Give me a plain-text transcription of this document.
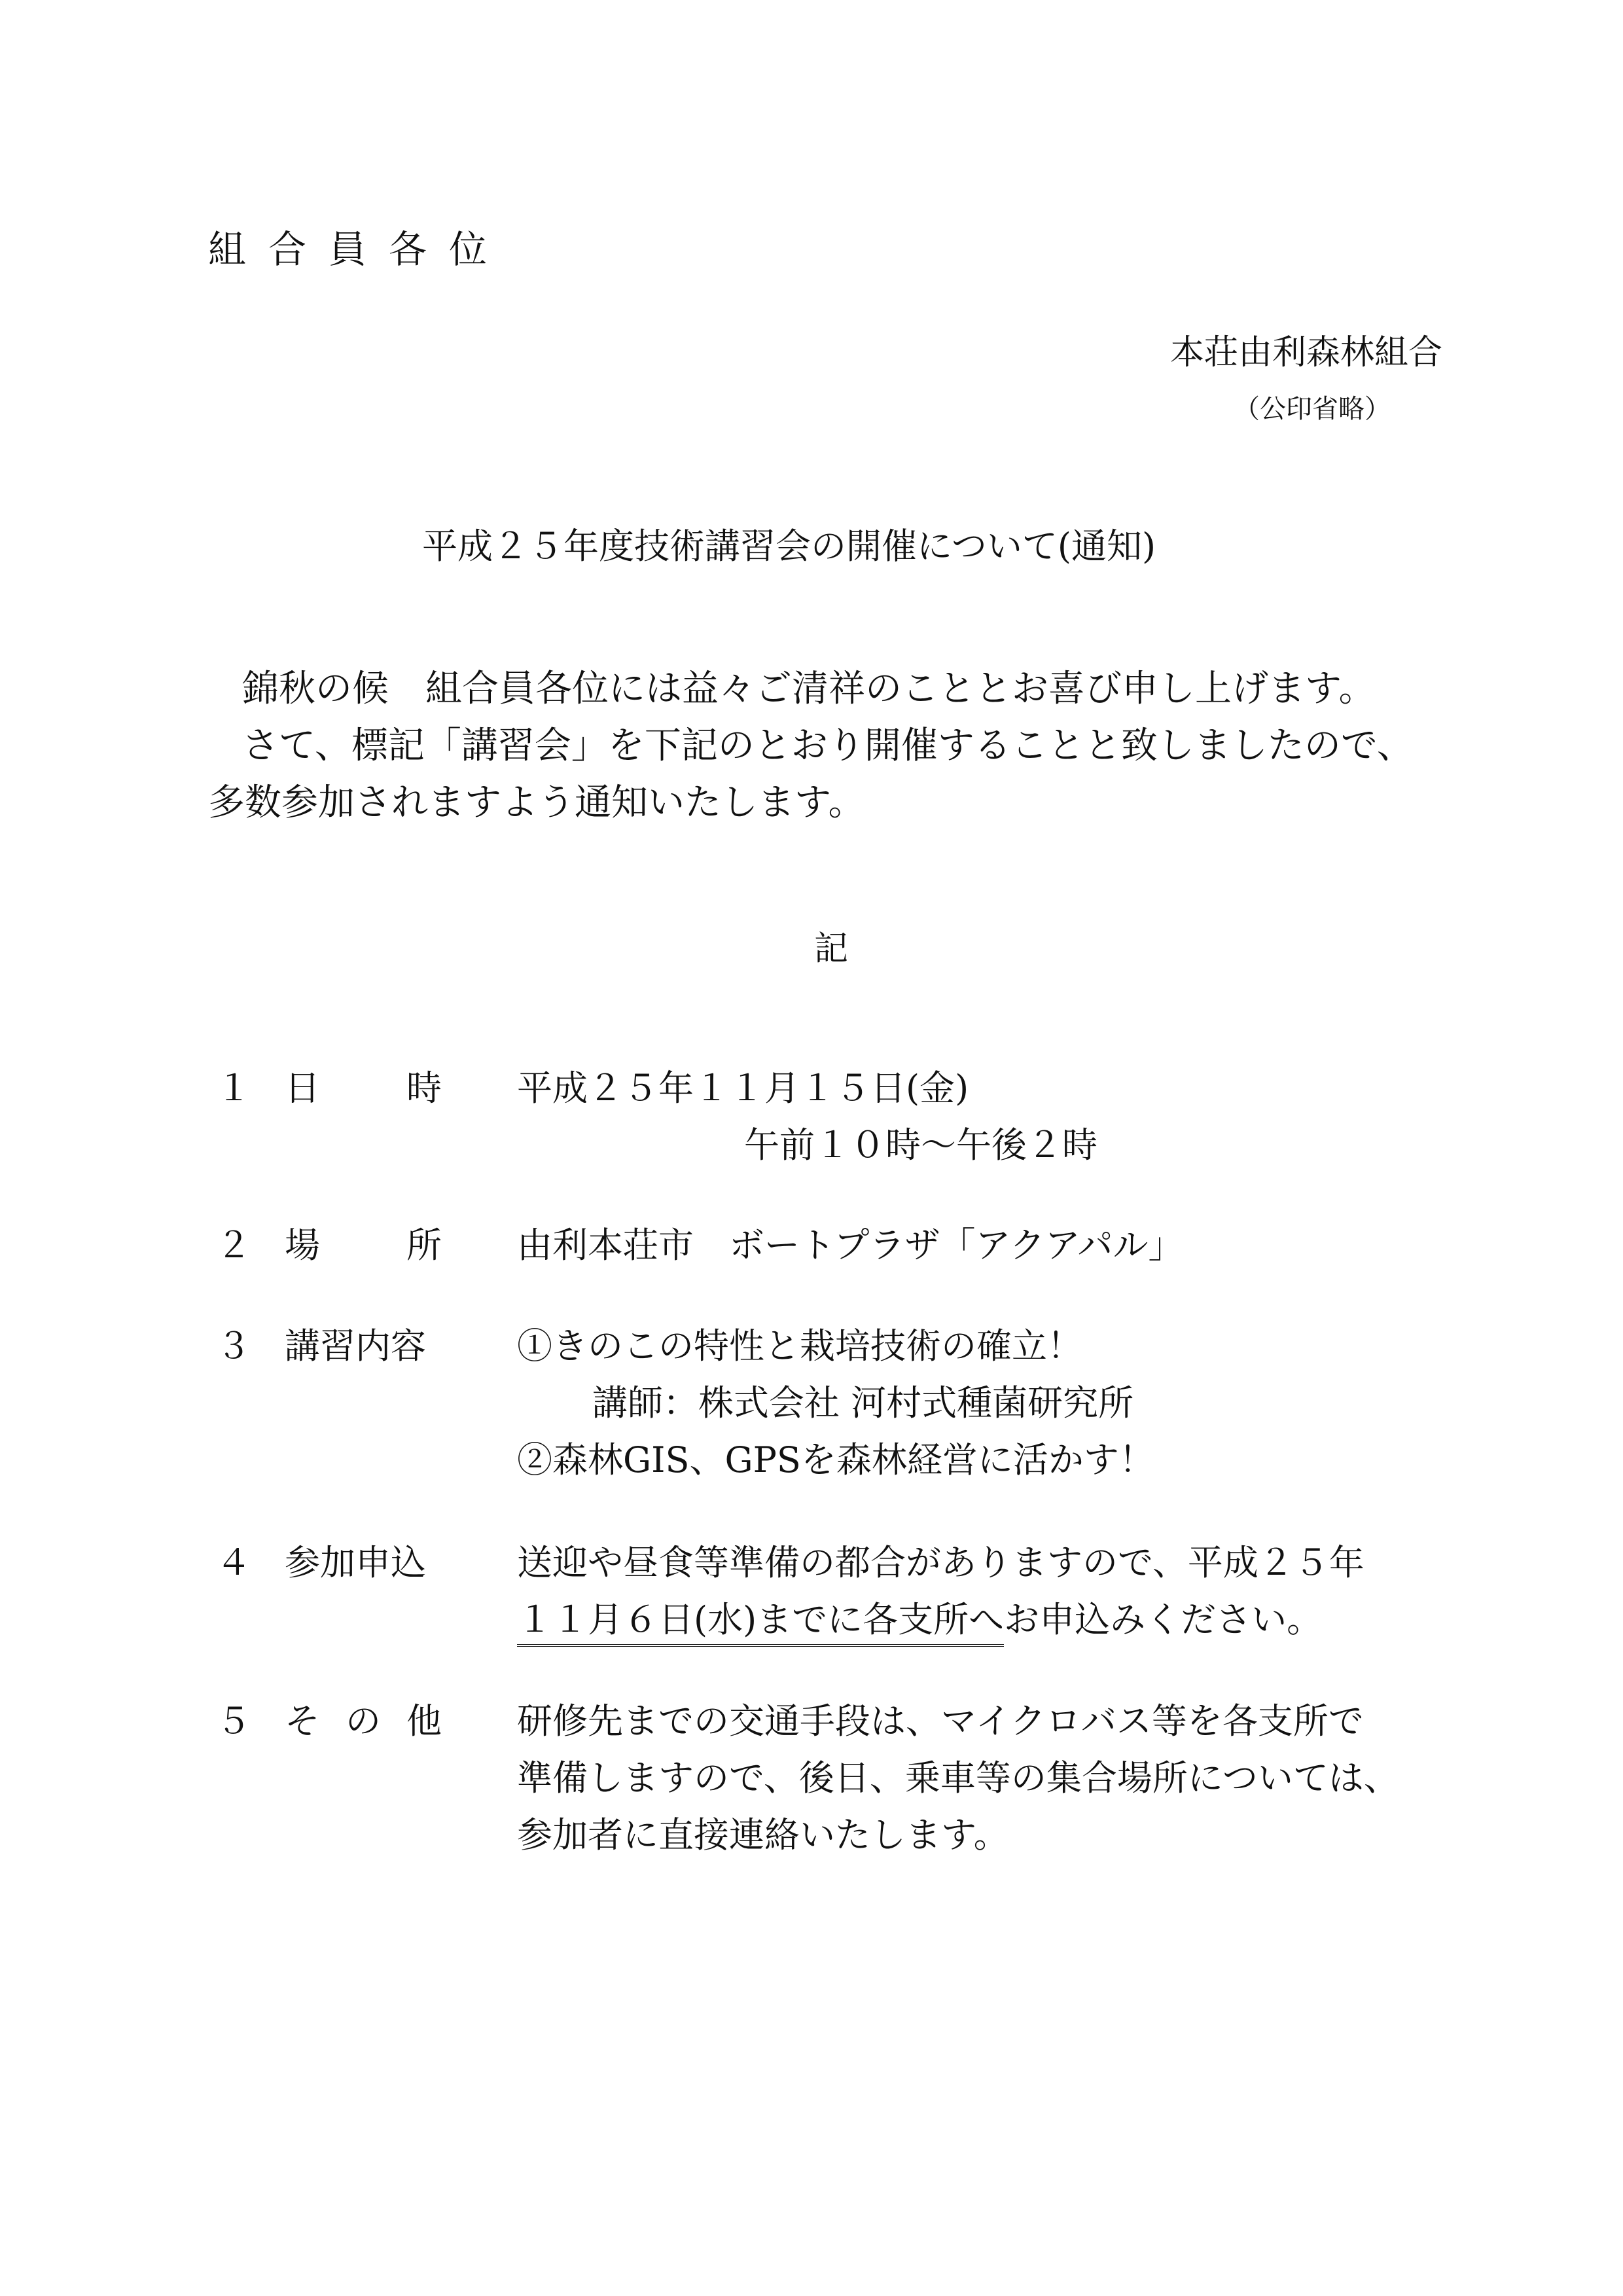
組合員各位
本荘由利森林組合
（公印省略）
平成２５年度技術講習会の開催について(通知)
錦秋の候　組合員各位には益々ご清祥のこととお喜び申し上げます。
さて、標記「講習会」を下記のとおり開催することと致しましたので、
多数参加されますよう通知いたします。
記
１ 日 時 平成２５年１１月１５日(金)
午前１０時～午後２時
２ 場 所 由利本荘市　ボートプラザ「アクアパル」
３ 講習内容	①きのこの特性と栽培技術の確立！
講師：株式会社 河村式種菌研究所
②森林GIS、GPSを森林経営に活かす！
４ 参加申込	送迎や昼食等準備の都合がありますので、平成２５年
１１月６日(水)までに各支所へお申込みください。
５ そ の 他 研修先までの交通手段は、マイクロバス等を各支所で
準備しますので、後日、乗車等の集合場所については、
参加者に直接連絡いたします。
